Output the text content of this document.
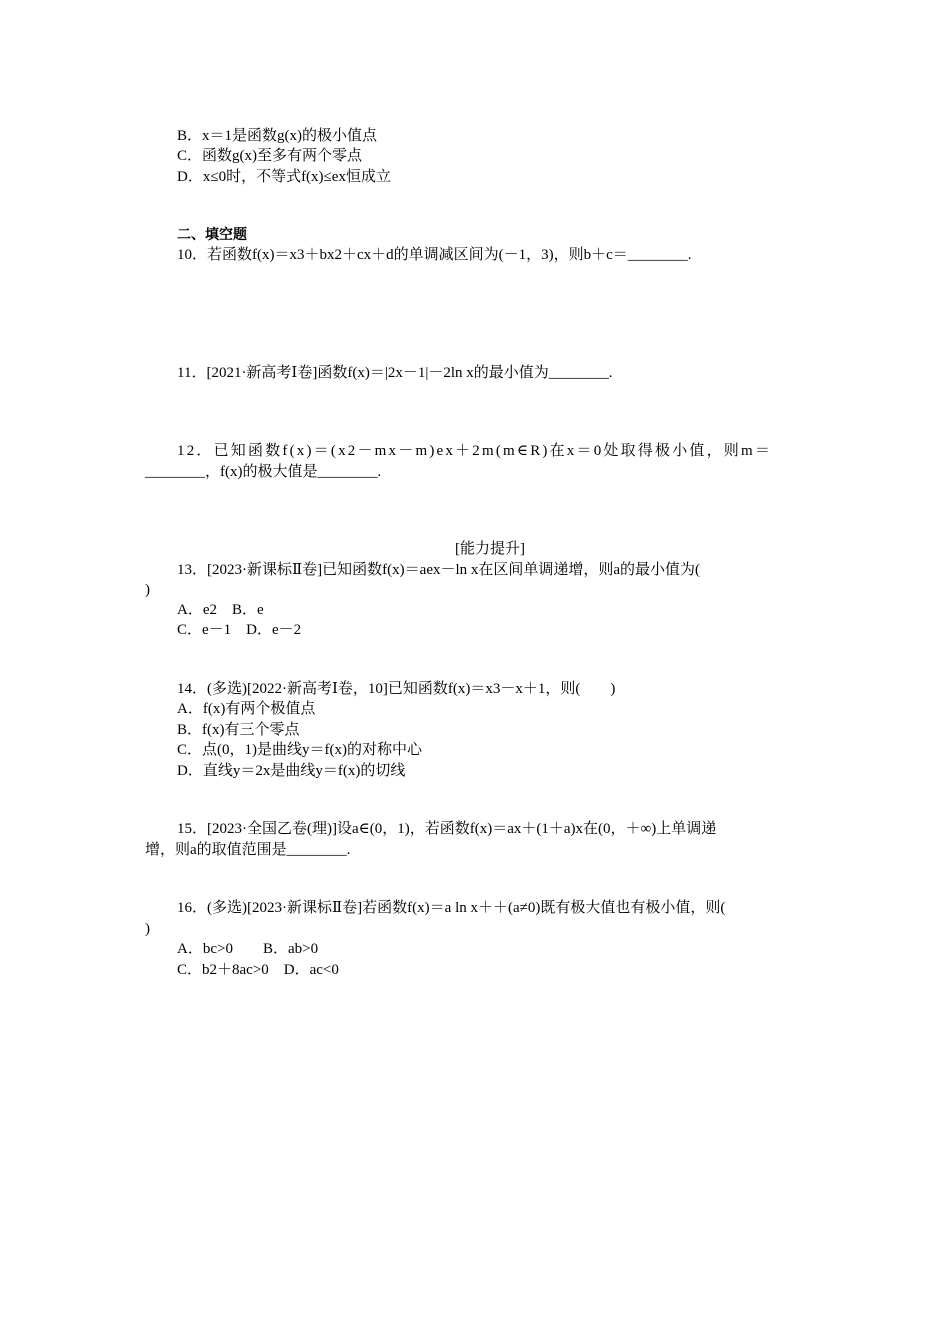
B．x＝1是函数g(x)的极小值点
C．函数g(x)至多有两个零点
D．x≤0时，不等式f(x)≤ex恒成立
二、填空题
10．若函数f(x)＝x3＋bx2＋cx＋d的单调减区间为(－1，3)，则b＋c＝________.
11．[2021·新高考Ⅰ卷]函数f(x)＝|2x－1|－2ln x的最小值为________.
12．已知函数f(x)＝(x2－mx－m)ex＋2m(m∈R)在x＝0处取得极小值，则m＝
________，f(x)的极大值是________.
[能力提升]
13．[2023·新课标Ⅱ卷]已知函数f(x)＝aex－ln x在区间单调递增，则a的最小值为(
)
A．e2　B．e
C．e－1　D．e－2
14．(多选)[2022·新高考Ⅰ卷，10]已知函数f(x)＝x3－x＋1，则(　　)
A．f(x)有两个极值点
B．f(x)有三个零点
C．点(0，1)是曲线y＝f(x)的对称中心
D．直线y＝2x是曲线y＝f(x)的切线
15．[2023·全国乙卷(理)]设a∈(0，1)，若函数f(x)＝ax＋(1＋a)x在(0，＋∞)上单调递
增，则a的取值范围是________.
16．(多选)[2023·新课标Ⅱ卷]若函数f(x)＝a ln x＋＋(a≠0)既有极大值也有极小值，则(
)
A．bc>0　　B．ab>0
C．b2＋8ac>0　D．ac<0
